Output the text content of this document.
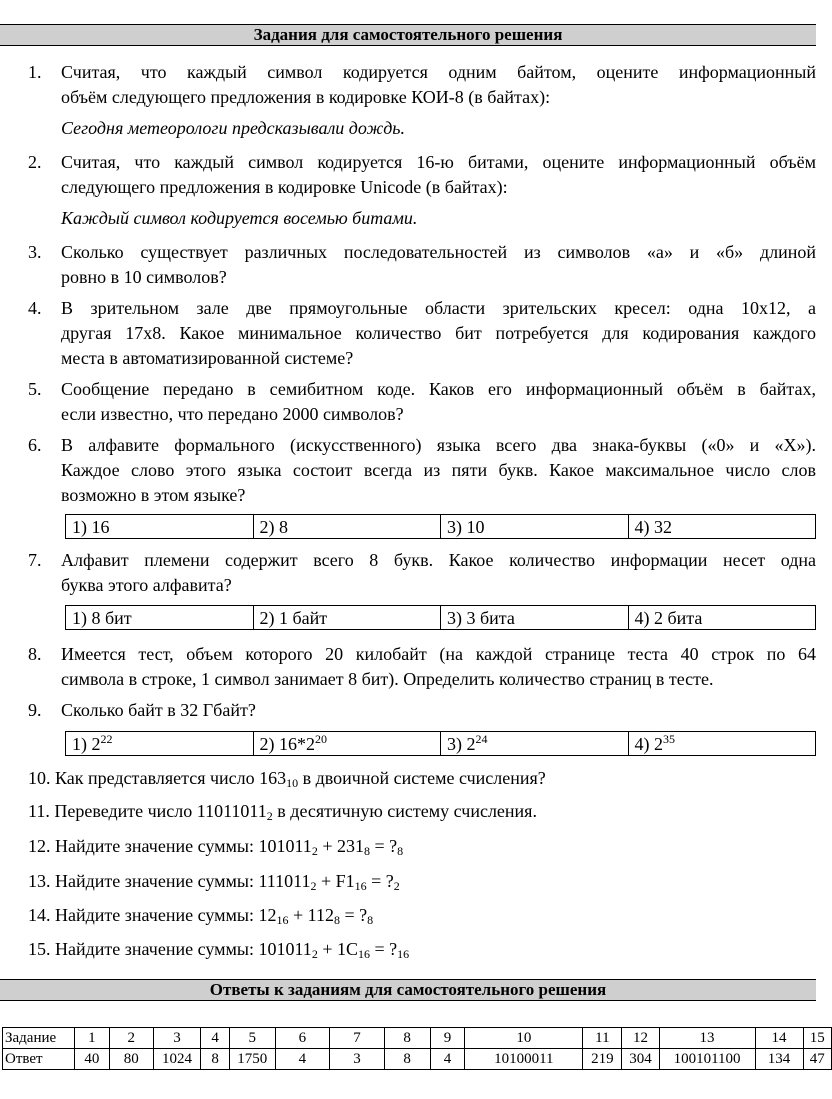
Задания для самостоятельного решения
1. Считая, что каждый символ кодируется одним байтом, оцените информационный
объём следующего предложения в кодировке КОИ-8 (в байтах):
Сегодня метеорологи предсказывали дождь.
2. Считая, что каждый символ кодируется 16-ю битами, оцените информационный объём
следующего предложения в кодировке Unicode (в байтах):
Каждый символ кодируется восемью битами.
3. Сколько существует различных последовательностей из символов «а» и «б» длиной
ровно в 10 символов?
4. В зрительном зале две прямоугольные области зрительских кресел: одна 10х12, а
другая 17х8. Какое минимальное количество бит потребуется для кодирования каждого
места в автоматизированной системе?
5. Сообщение передано в семибитном коде. Каков его информационный объём в байтах,
если известно, что передано 2000 символов?
6. В алфавите формального (искусственного) языка всего два знака-буквы («0» и «Х»).
Каждое слово этого языка состоит всегда из пяти букв. Какое максимальное число слов
возможно в этом языке?
1) 16	2) 8	3) 10	4) 32
7. Алфавит племени содержит всего 8 букв. Какое количество информации несет одна
буква этого алфавита?
1) 8 бит	2) 1 байт	3) 3 бита	4) 2 бита
8. Имеется тест, объем которого 20 килобайт (на каждой странице теста 40 строк по 64
символа в строке, 1 символ занимает 8 бит). Определить количество страниц в тесте.
9. Сколько байт в 32 Гбайт?
1) $2^{22}$	2) $16*2^{20}$	3) $2^{24}$	4) $2^{35}$
10. Как представляется число $163_{10}$ в двоичной системе счисления?
11. Переведите число $11011011_2$ в десятичную систему счисления.
12. Найдите значение суммы: $101011_2 + 231_8$ = $?_8$
13. Найдите значение суммы: $111011_2 + F1_{16}$ = $?_2$
14. Найдите значение суммы: $12_{16} + 112_8$ = $?_8$
15. Найдите значение суммы: $101011_2 + 1C_{16}$ = $?_{16}$
Ответы к заданиям для самостоятельного решения
Задание	1	2	3	4	5	6	7	8	9	10	11	12	13	14	15
Ответ	40	80	1024	8	1750	4	3	8	4	10100011	219	304	100101100	134	47
